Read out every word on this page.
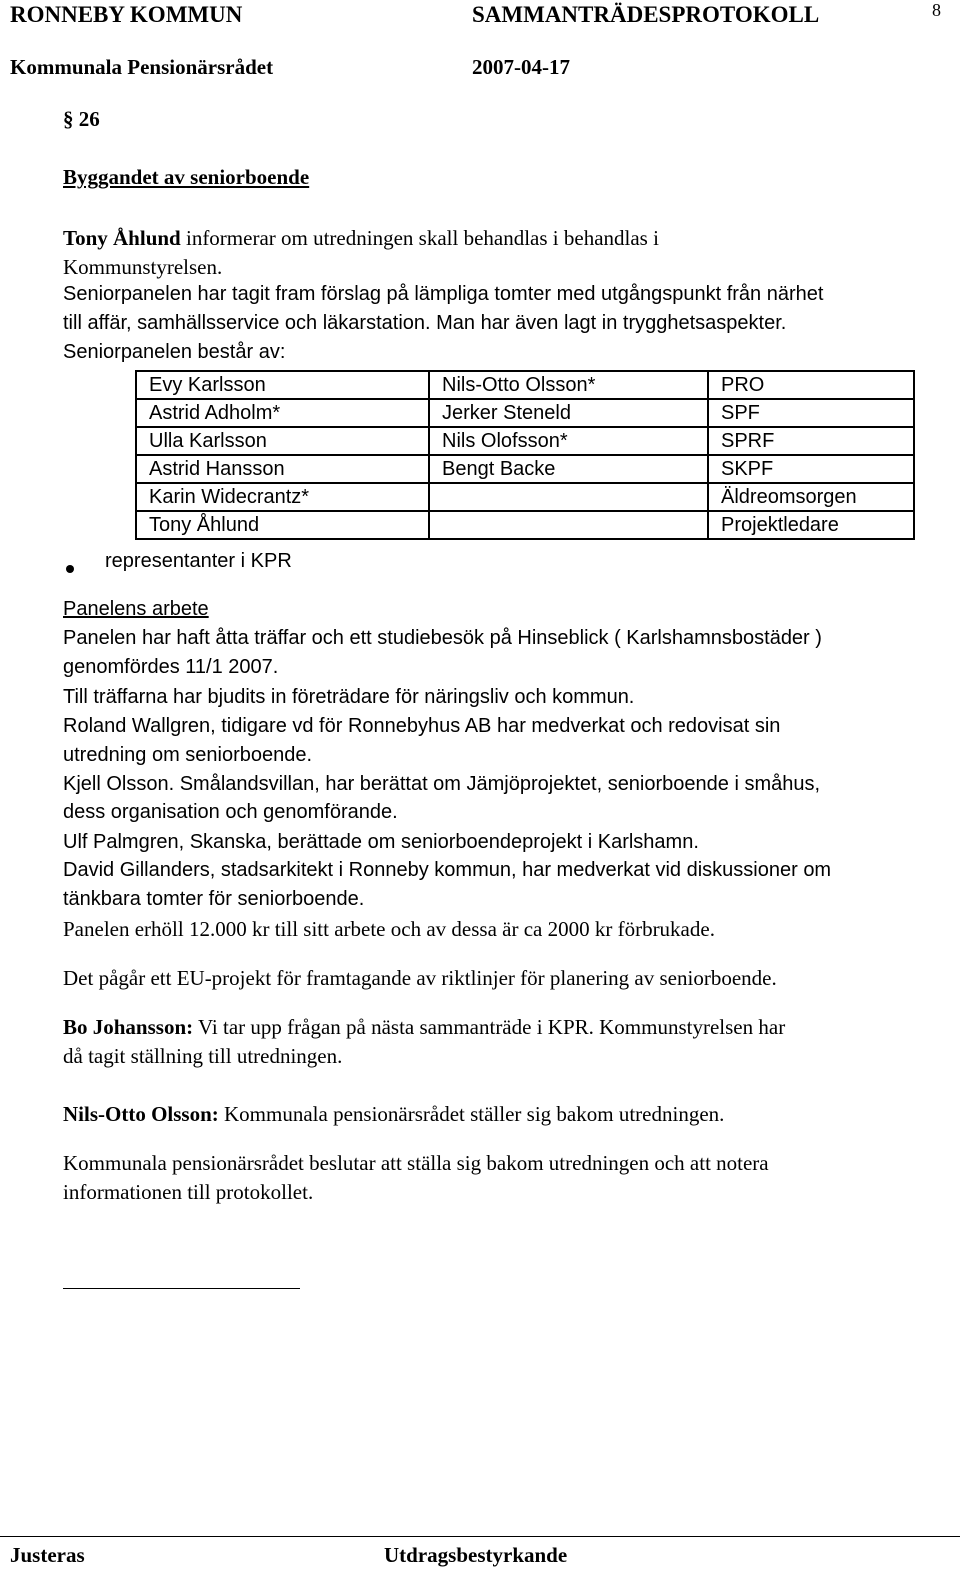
RONNEBY KOMMUN	SAMMANTRÄDESPROTOKOLL	8
Kommunala Pensionärsrådet	2007-04-17
§ 26
Byggandet av seniorboende
Tony Åhlund informerar om utredningen skall behandlas i behandlas i
Kommunstyrelsen.
Seniorpanelen har tagit fram förslag på lämpliga tomter med utgångspunkt från närhet
till affär, samhällsservice och läkarstation. Man har även lagt in trygghetsaspekter.
Seniorpanelen består av:
Evy Karlsson	Nils-Otto Olsson*	PRO
Astrid Adholm*	Jerker Steneld	SPF
Ulla Karlsson	Nils Olofsson*	SPRF
Astrid Hansson	Bengt Backe	SKPF
Karin Widecrantz*		Äldreomsorgen
Tony Åhlund		Projektledare
representanter i KPR
Panelens arbete
Panelen har haft åtta träffar och ett studiebesök på Hinseblick ( Karlshamnsbostäder )
genomfördes 11/1 2007.
Till träffarna har bjudits in företrädare för näringsliv och kommun.
Roland Wallgren, tidigare vd för Ronnebyhus AB har medverkat och redovisat sin
utredning om seniorboende.
Kjell Olsson. Smålandsvillan, har berättat om Jämjöprojektet, seniorboende i småhus,
dess organisation och genomförande.
Ulf Palmgren, Skanska, berättade om seniorboendeprojekt i Karlshamn.
David Gillanders, stadsarkitekt i Ronneby kommun, har medverkat vid diskussioner om
tänkbara tomter för seniorboende.
Panelen erhöll 12.000 kr till sitt arbete och av dessa är ca 2000 kr förbrukade.
Det pågår ett EU-projekt för framtagande av riktlinjer för planering av seniorboende.
Bo Johansson: Vi tar upp frågan på nästa sammanträde i KPR. Kommunstyrelsen har
då tagit ställning till utredningen.
Nils-Otto Olsson: Kommunala pensionärsrådet ställer sig bakom utredningen.
Kommunala pensionärsrådet beslutar att ställa sig bakom utredningen och att notera
informationen till protokollet.
Justeras	Utdragsbestyrkande
